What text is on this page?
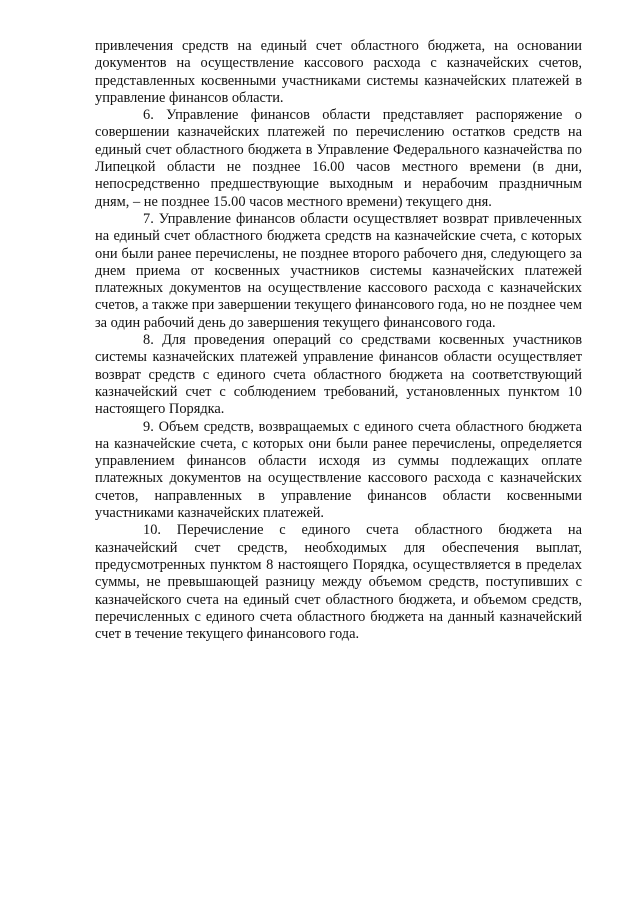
привлечения средств на единый счет областного бюджета, на основании документов на осуществление кассового расхода с казначейских счетов, представленных косвенными участниками системы казначейских платежей в управление финансов области.

6. Управление финансов области представляет распоряжение о совершении казначейских платежей по перечислению остатков средств на единый счет областного бюджета в Управление Федерального казначейства по Липецкой области не позднее 16.00 часов местного времени (в дни, непосредственно предшествующие выходным и нерабочим праздничным дням, – не позднее 15.00 часов местного времени) текущего дня.

7. Управление финансов области осуществляет возврат привлеченных на единый счет областного бюджета средств на казначейские счета, с которых они были ранее перечислены, не позднее второго рабочего дня, следующего за днем приема от косвенных участников системы казначейских платежей платежных документов на осуществление кассового расхода с казначейских счетов, а также при завершении текущего финансового года, но не позднее чем за один рабочий день до завершения текущего финансового года.

8. Для проведения операций со средствами косвенных участников системы казначейских платежей управление финансов области осуществляет возврат средств с единого счета областного бюджета на соответствующий казначейский счет с соблюдением требований, установленных пунктом 10 настоящего Порядка.

9. Объем средств, возвращаемых с единого счета областного бюджета на казначейские счета, с которых они были ранее перечислены, определяется управлением финансов области исходя из суммы подлежащих оплате платежных документов на осуществление кассового расхода с казначейских счетов, направленных в управление финансов области косвенными участниками казначейских платежей.

10. Перечисление с единого счета областного бюджета на казначейский счет средств, необходимых для обеспечения выплат, предусмотренных пунктом 8 настоящего Порядка, осуществляется в пределах суммы, не превышающей разницу между объемом средств, поступивших с казначейского счета на единый счет областного бюджета, и объемом средств, перечисленных с единого счета областного бюджета на данный казначейский счет в течение текущего финансового года.
